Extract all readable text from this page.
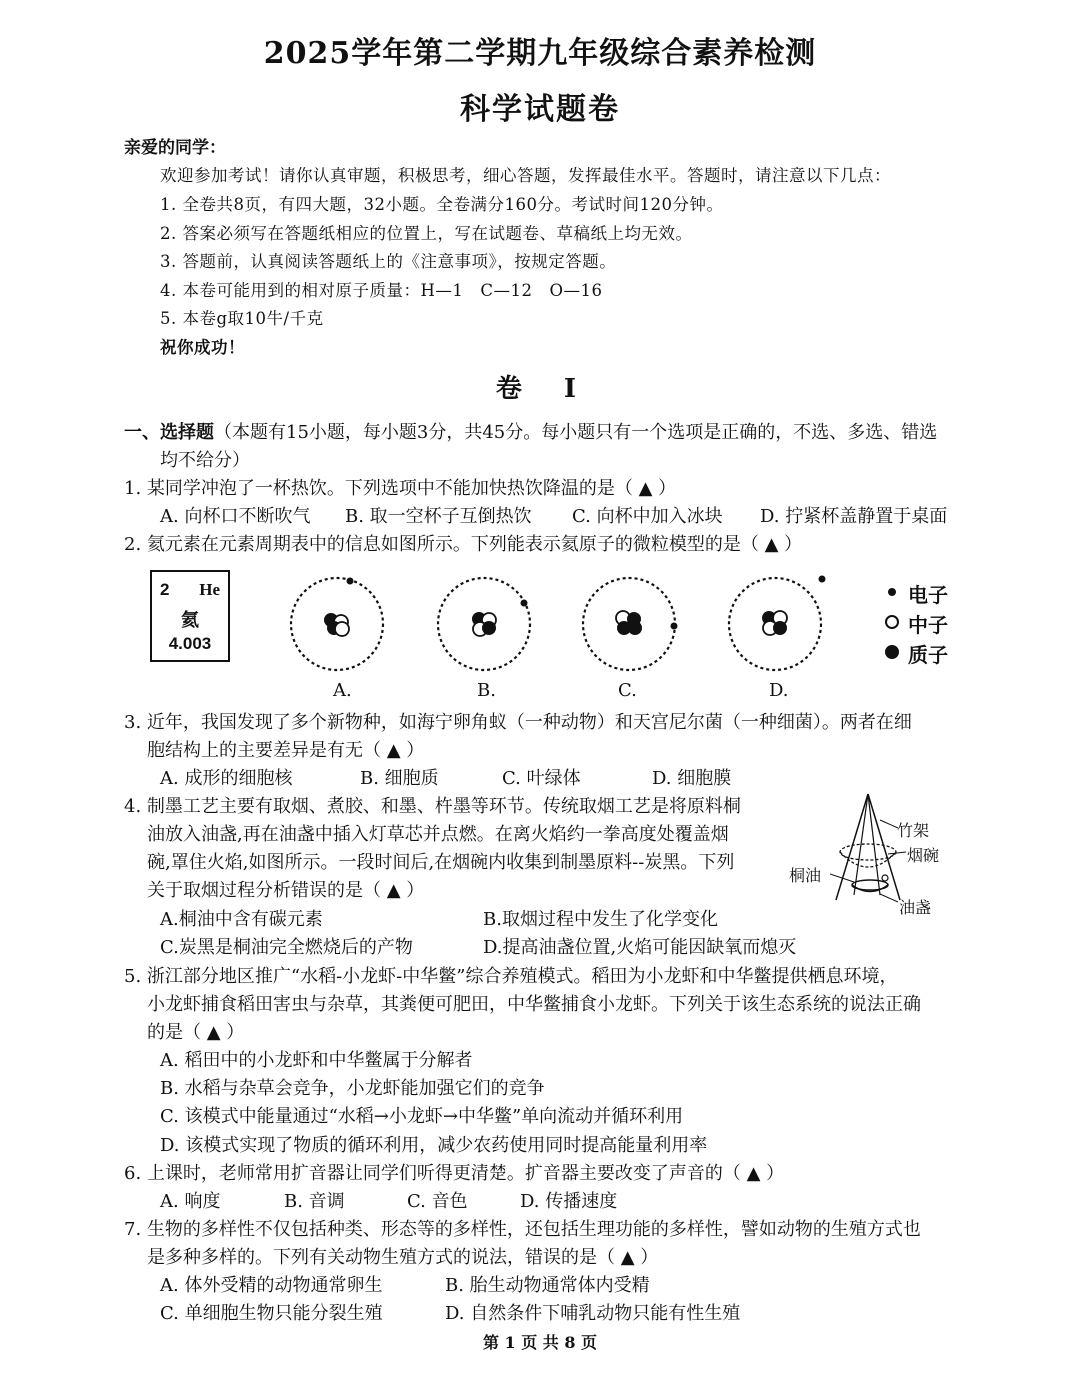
2025学年第二学期九年级综合素养检测
科学试题卷
亲爱的同学：
欢迎参加考试！请你认真审题，积极思考，细心答题，发挥最佳水平。答题时，请注意以下几点：
1. 全卷共8页，有四大题，32小题。全卷满分160分。考试时间120分钟。
2. 答案必须写在答题纸相应的位置上，写在试题卷、草稿纸上均无效。
3. 答题前，认真阅读答题纸上的《注意事项》，按规定答题。
4. 本卷可能用到的相对原子质量：H—1　C—12　O—16
5. 本卷g取10牛/千克
祝你成功！
卷　I
一、选择题（本题有15小题，每小题3分，共45分。每小题只有一个选项是正确的，不选、多选、错选
均不给分）
1. 某同学冲泡了一杯热饮。下列选项中不能加快热饮降温的是（ ▲ ）
A. 向杯口不断吹气 B. 取一空杯子互倒热饮 C. 向杯中加入冰块 D. 拧紧杯盖静置于桌面
2. 氦元素在元素周期表中的信息如图所示。下列能表示氦原子的微粒模型的是（ ▲ ）
2 He
氦
4.003
A.	B.	C.	D.
电子
中子
质子
3. 近年，我国发现了多个新物种，如海宁卵角蚁（一种动物）和天宫尼尔菌（一种细菌）。两者在细
胞结构上的主要差异是有无（ ▲ ）
A. 成形的细胞核	B. 细胞质	C. 叶绿体	D. 细胞膜
4. 制墨工艺主要有取烟、煮胶、和墨、杵墨等环节。传统取烟工艺是将原料桐
油放入油盏,再在油盏中插入灯草芯并点燃。在离火焰约一拳高度处覆盖烟
碗,罩住火焰,如图所示。一段时间后,在烟碗内收集到制墨原料--炭黑。下列
关于取烟过程分析错误的是（ ▲ ）
A.桐油中含有碳元素	B.取烟过程中发生了化学变化
C.炭黑是桐油完全燃烧后的产物	D.提高油盏位置,火焰可能因缺氧而熄灭
竹架
烟碗
桐油
油盏
5. 浙江部分地区推广“水稻-小龙虾-中华鳖”综合养殖模式。稻田为小龙虾和中华鳖提供栖息环境，
小龙虾捕食稻田害虫与杂草，其粪便可肥田，中华鳖捕食小龙虾。下列关于该生态系统的说法正确
的是（ ▲ ）
A. 稻田中的小龙虾和中华鳖属于分解者
B. 水稻与杂草会竞争，小龙虾能加强它们的竞争
C. 该模式中能量通过“水稻→小龙虾→中华鳖”单向流动并循环利用
D. 该模式实现了物质的循环利用，减少农药使用同时提高能量利用率
6. 上课时，老师常用扩音器让同学们听得更清楚。扩音器主要改变了声音的（ ▲ ）
A. 响度	B. 音调	C. 音色	D. 传播速度
7. 生物的多样性不仅包括种类、形态等的多样性，还包括生理功能的多样性，譬如动物的生殖方式也
是多种多样的。下列有关动物生殖方式的说法，错误的是（ ▲ ）
A. 体外受精的动物通常卵生	B. 胎生动物通常体内受精
C. 单细胞生物只能分裂生殖	D. 自然条件下哺乳动物只能有性生殖
第 1 页 共 8 页
